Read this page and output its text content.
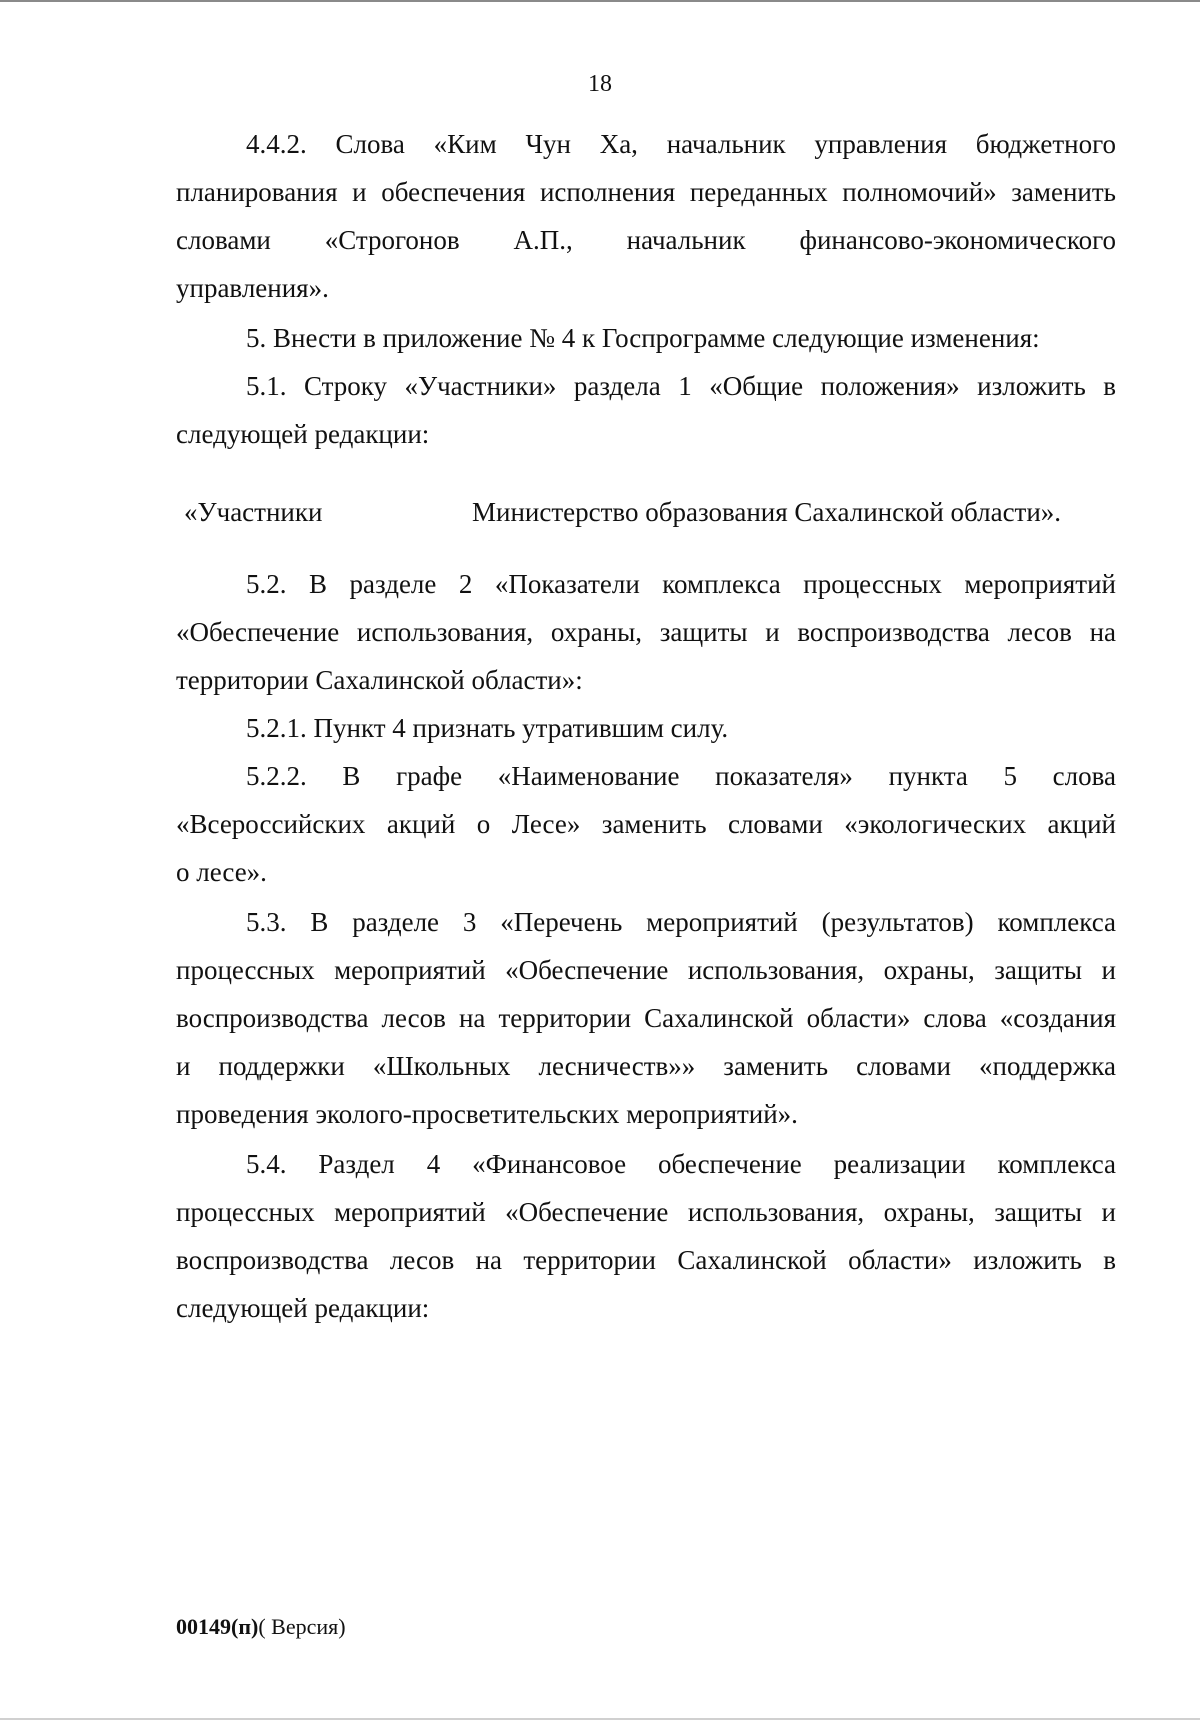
18

4.4.2. Слова «Ким Чун Ха, начальник управления бюджетного

планирования и обеспечения исполнения переданных полномочий» заменить

словами «Строгонов А.П., начальник финансово-экономического

управления».

5. Внести в приложение № 4 к Госпрограмме следующие изменения:

5.1. Строку «Участники» раздела 1 «Общие положения» изложить в

следующей редакции:

«Участники	Министерство образования Сахалинской области».

5.2. В разделе 2 «Показатели комплекса процессных мероприятий

«Обеспечение использования, охраны, защиты и воспроизводства лесов на

территории Сахалинской области»:

5.2.1. Пункт 4 признать утратившим силу.

5.2.2. В графе «Наименование показателя» пункта 5 слова

«Всероссийских акций о Лесе» заменить словами «экологических акций

о лесе».

5.3. В разделе 3 «Перечень мероприятий (результатов) комплекса

процессных мероприятий «Обеспечение использования, охраны, защиты и

воспроизводства лесов на территории Сахалинской области» слова «создания

и поддержки «Школьных лесничеств»» заменить словами «поддержка

проведения эколого-просветительских мероприятий».

5.4. Раздел 4 «Финансовое обеспечение реализации комплекса

процессных мероприятий «Обеспечение использования, охраны, защиты и

воспроизводства лесов на территории Сахалинской области» изложить в

следующей редакции:

00149(п)( Версия)
